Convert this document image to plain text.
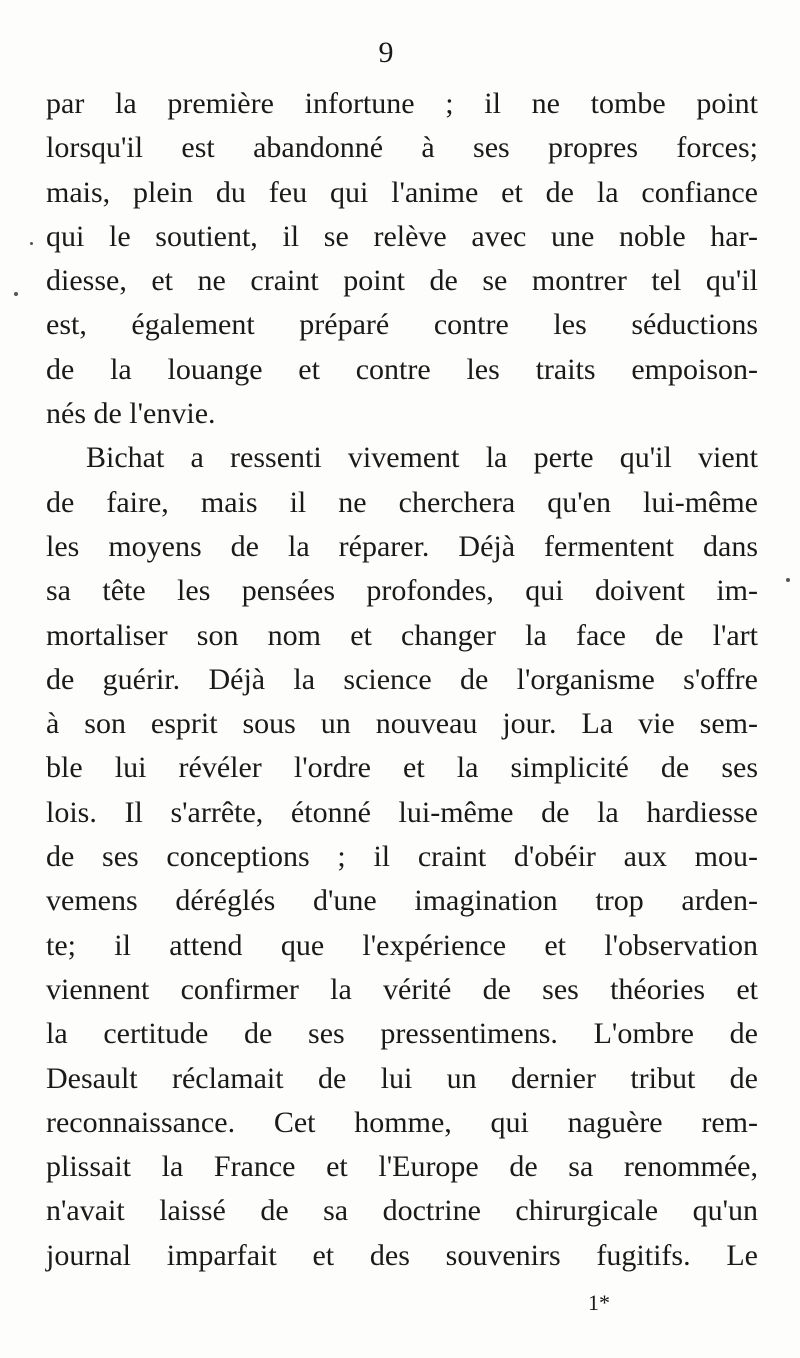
9
par la première infortune ; il ne tombe point
lorsqu'il est abandonné à ses propres forces;
mais, plein du feu qui l'anime et de la confiance
qui le soutient, il se relève avec une noble har-
diesse, et ne craint point de se montrer tel qu'il
est, également préparé contre les séductions
de la louange et contre les traits empoison-
nés de l'envie.
Bichat a ressenti vivement la perte qu'il vient
de faire, mais il ne cherchera qu'en lui-même
les moyens de la réparer. Déjà fermentent dans
sa tête les pensées profondes, qui doivent im-
mortaliser son nom et changer la face de l'art
de guérir. Déjà la science de l'organisme s'offre
à son esprit sous un nouveau jour. La vie sem-
ble lui révéler l'ordre et la simplicité de ses
lois. Il s'arrête, étonné lui-même de la hardiesse
de ses conceptions ; il craint d'obéir aux mou-
vemens déréglés d'une imagination trop arden-
te; il attend que l'expérience et l'observation
viennent confirmer la vérité de ses théories et
la certitude de ses pressentimens. L'ombre de
Desault réclamait de lui un dernier tribut de
reconnaissance. Cet homme, qui naguère rem-
plissait la France et l'Europe de sa renommée,
n'avait laissé de sa doctrine chirurgicale qu'un
journal imparfait et des souvenirs fugitifs. Le
1*
